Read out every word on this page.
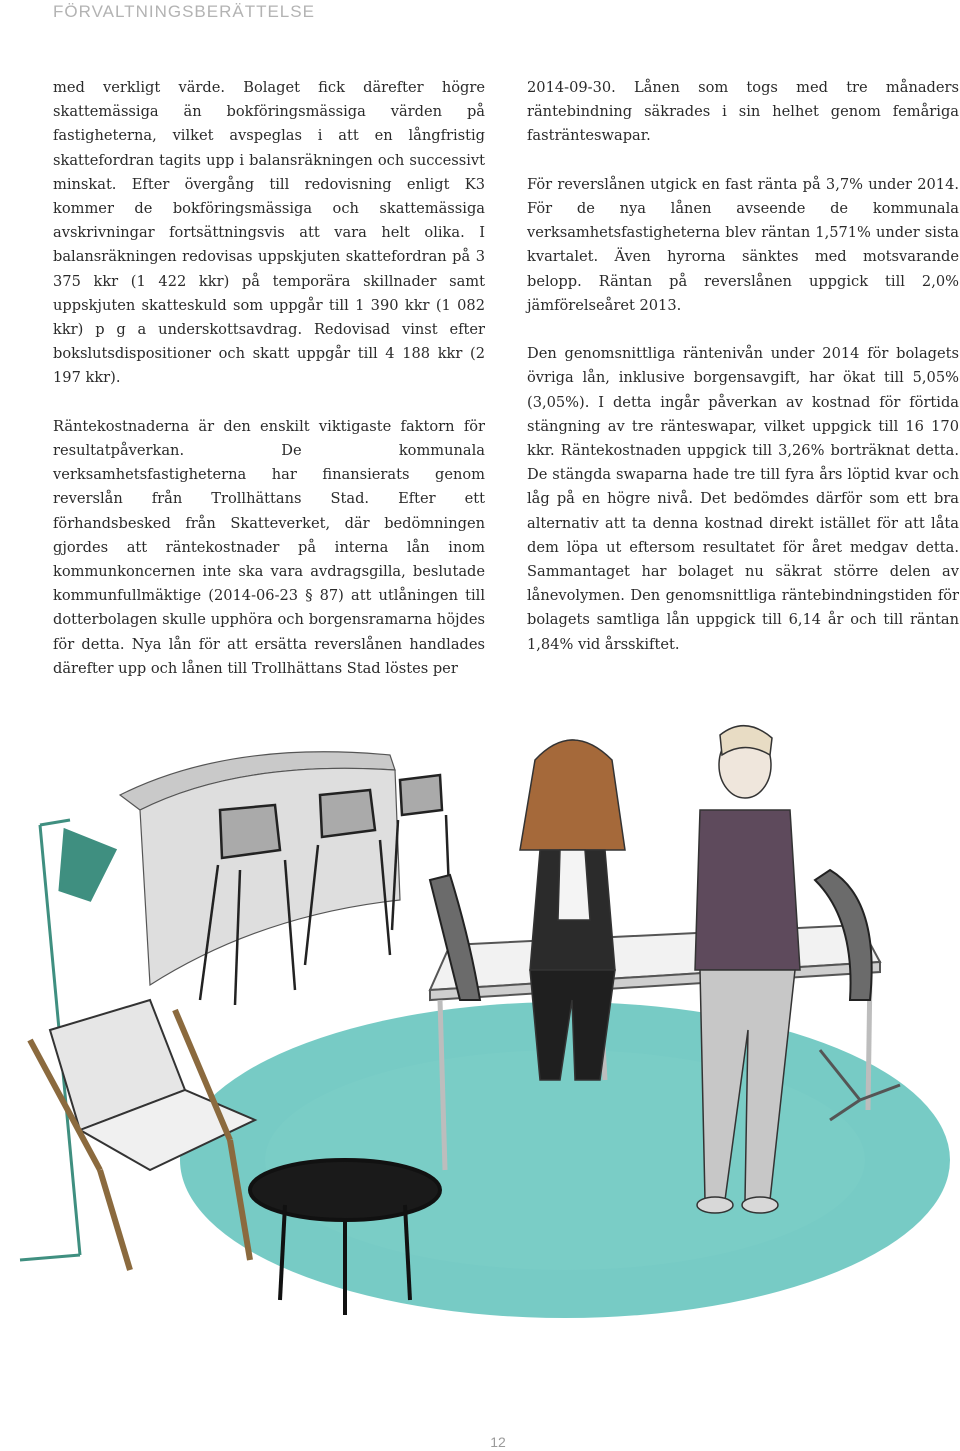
FÖRVALTNINGSBERÄTTELSE

med verkligt värde. Bolaget fick därefter högre skattemässiga än bokföringsmässiga värden på fastigheterna, vilket avspeglas i att en långfristig skattefordran tagits upp i balansräkningen och successivt minskat. Efter övergång till redovisning enligt K3 kommer de bokföringsmässiga och skattemässiga avskrivningar fortsättningsvis att vara helt olika. I balansräkningen redovisas uppskjuten skattefordran på 3 375 kkr (1 422 kkr) på temporära skillnader samt uppskjuten skatteskuld som uppgår till 1 390 kkr (1 082 kkr) p g a underskottsavdrag. Redovisad vinst efter bokslutsdispositioner och skatt uppgår till 4 188 kkr (2 197 kkr).

Räntekostnaderna är den enskilt viktigaste faktorn för resultatpåverkan. De kommunala verksamhetsfastigheterna har finansierats genom reverslån från Trollhättans Stad. Efter ett förhandsbesked från Skatteverket, där bedömningen gjordes att räntekostnader på interna lån inom kommunkoncernen inte ska vara avdragsgilla, beslutade kommunfullmäktige (2014-06-23 § 87) att utlåningen till dotterbolagen skulle upphöra och borgensramarna höjdes för detta. Nya lån för att ersätta reverslånen handlades därefter upp och lånen till Trollhättans Stad löstes per

2014-09-30. Lånen som togs med tre månaders räntebindning säkrades i sin helhet genom femåriga fastränteswapar.

För reverslånen utgick en fast ränta på 3,7% under 2014. För de nya lånen avseende de kommunala verksamhetsfastigheterna blev räntan 1,571% under sista kvartalet. Även hyrorna sänktes med motsvarande belopp. Räntan på reverslånen uppgick till 2,0% jämförelseåret 2013.

Den genomsnittliga räntenivån under 2014 för bolagets övriga lån, inklusive borgensavgift, har ökat till 5,05% (3,05%). I detta ingår påverkan av kostnad för förtida stängning av tre ränteswapar, vilket uppgick till 16 170 kkr. Räntekostnaden uppgick till 3,26% borträknat detta. De stängda swaparna hade tre till fyra års löptid kvar och låg på en högre nivå. Det bedömdes därför som ett bra alternativ att ta denna kostnad direkt istället för att låta dem löpa ut eftersom resultatet för året medgav detta. Sammantaget har bolaget nu säkrat större delen av lånevolymen. Den genomsnittliga räntebindningstiden för bolagets samtliga lån uppgick till 6,14 år och till räntan 1,84% vid årsskiftet.

12
